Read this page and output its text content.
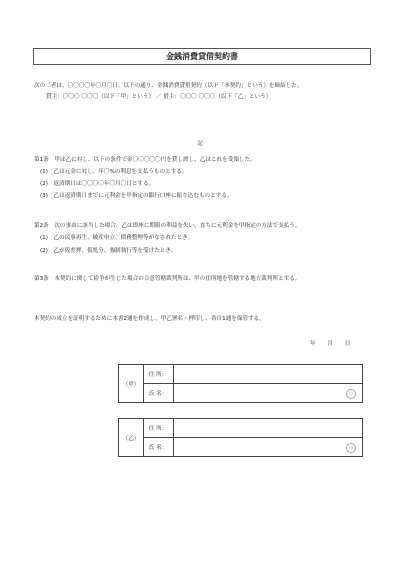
金銭消費貸借契約書
次の二者は、〇〇〇〇年〇月〇日、以下の通り、金銭消費貸借契約（以下「本契約」という）を締結した。
貸主：〇〇〇 〇〇〇（以下「甲」という） ／ 借主：〇〇〇 〇〇〇（以下「乙」という）
記
第1条　甲は乙に対し、以下の条件で金〇〇〇〇〇円を貸し渡し、乙はこれを受領した。
(1)　乙は元金に対し、年〇%の利息を支払うものとする。
(2)　返済期日は〇〇〇〇年〇月〇日とする。
(3)　乙は返済期日までに元利金を甲指定の銀行口座に振り込むものとする。
第2条　次の事由に該当した場合、乙は即座に期限の利益を失い、直ちに元利金を甲指定の方法で支払う。
(1)　乙の民事再生、破産申立、債務整理等がなされたとき。
(2)　乙が仮差押、仮処分、強制執行等を受けたとき。
第3条　本契約に関して紛争が生じた場合の合意管轄裁判所は、甲の住所地を管轄する地方裁判所とする。
本契約の成立を証明するために本書2通を作成し、甲乙署名・押印し、各自1通を保管する。
年 月 日
（甲）
住 所：
氏 名：	印
（乙）
住 所：
氏 名：	印
